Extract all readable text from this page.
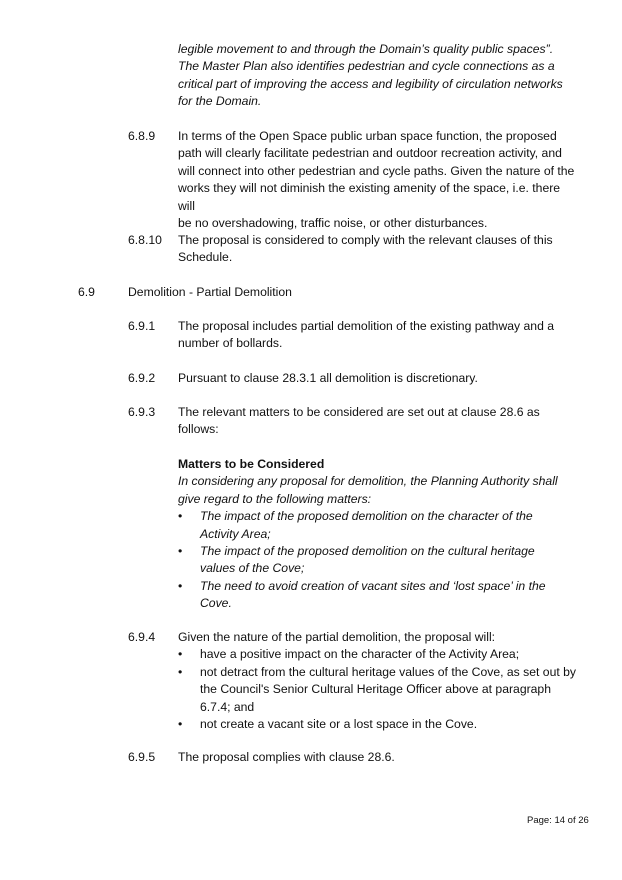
legible movement to and through the Domain’s quality public spaces”.
The Master Plan also identifies pedestrian and cycle connections as a
critical part of improving the access and legibility of circulation networks
for the Domain.
6.8.9 In terms of the Open Space public urban space function, the proposed
path will clearly facilitate pedestrian and outdoor recreation activity, and
will connect into other pedestrian and cycle paths. Given the nature of the
works they will not diminish the existing amenity of the space, i.e. there will
be no overshadowing, traffic noise, or other disturbances.
6.8.10 The proposal is considered to comply with the relevant clauses of this
Schedule.
6.9	Demolition - Partial Demolition
6.9.1 The proposal includes partial demolition of the existing pathway and a
number of bollards.
6.9.2 Pursuant to clause 28.3.1 all demolition is discretionary.
6.9.3 The relevant matters to be considered are set out at clause 28.6 as
follows:
Matters to be Considered
In considering any proposal for demolition, the Planning Authority shall
give regard to the following matters:
• The impact of the proposed demolition on the character of the
Activity Area;
• The impact of the proposed demolition on the cultural heritage
values of the Cove;
• The need to avoid creation of vacant sites and ‘lost space’ in the
Cove.
6.9.4 Given the nature of the partial demolition, the proposal will:
• have a positive impact on the character of the Activity Area;
• not detract from the cultural heritage values of the Cove, as set out by
the Council's Senior Cultural Heritage Officer above at paragraph
6.7.4; and
• not create a vacant site or a lost space in the Cove.
6.9.5 The proposal complies with clause 28.6.
Page: 14 of 26
